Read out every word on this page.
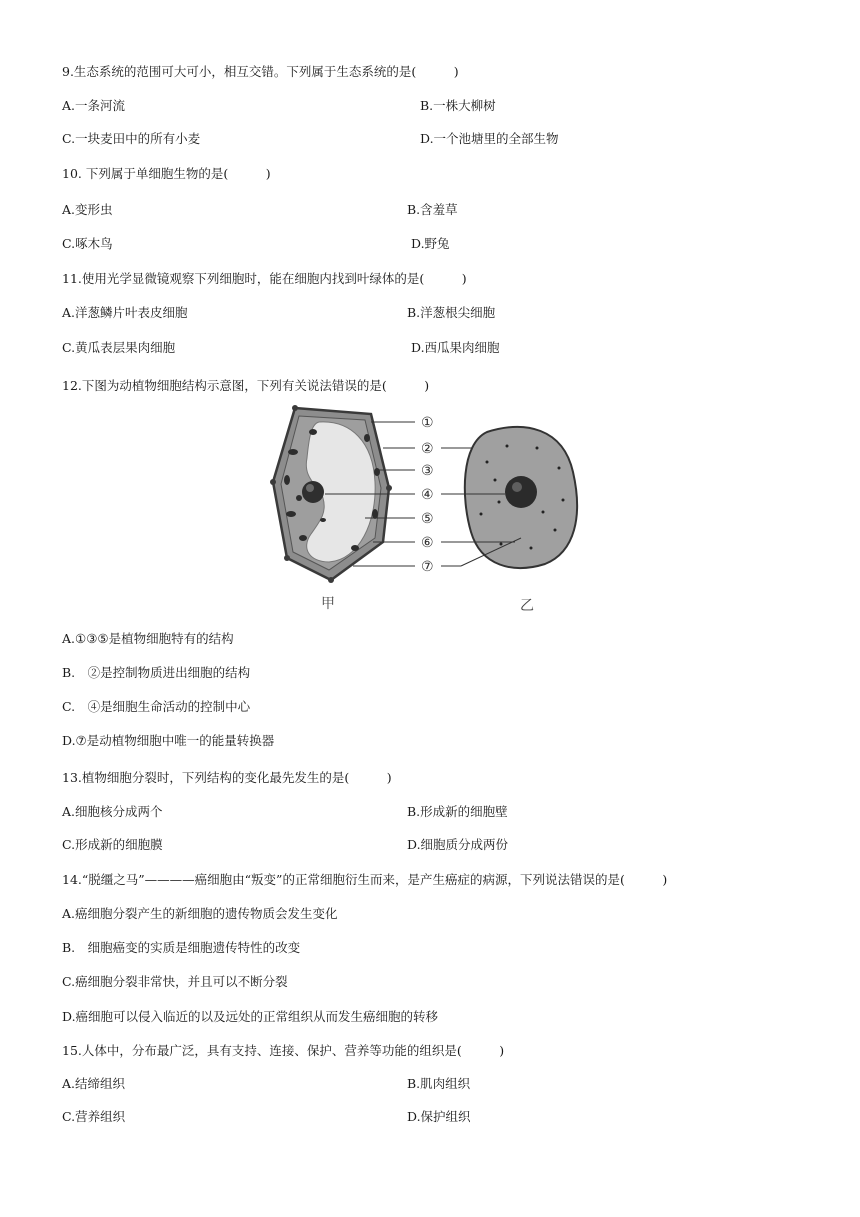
9.生态系统的范围可大可小，相互交错。下列属于生态系统的是(　　　)
A.一条河流	B.一株大柳树
C.一块麦田中的所有小麦	D.一个池塘里的全部生物
10. 下列属于单细胞生物的是(　　　)
A.变形虫	B.含羞草
C.啄木鸟	D.野兔
11.使用光学显微镜观察下列细胞时，能在细胞内找到叶绿体的是(　　　)
A.洋葱鳞片叶表皮细胞	B.洋葱根尖细胞
C.黄瓜表层果肉细胞	D.西瓜果肉细胞
12.下图为动植物细胞结构示意图，下列有关说法错误的是(　　　)
①
②
③
④
⑤
⑥
⑦
甲	乙
A.①③⑤是植物细胞特有的结构
B.　②是控制物质进出细胞的结构
C.　④是细胞生命活动的控制中心
D.⑦是动植物细胞中唯一的能量转换器
13.植物细胞分裂时，下列结构的变化最先发生的是(　　　)
A.细胞核分成两个	B.形成新的细胞壁
C.形成新的细胞膜	D.细胞质分成两份
14.“脱缰之马”————癌细胞由“叛变”的正常细胞衍生而来，是产生癌症的病源，下列说法错误的是(　　　)
A.癌细胞分裂产生的新细胞的遗传物质会发生变化
B.　细胞癌变的实质是细胞遗传特性的改变
C.癌细胞分裂非常快，并且可以不断分裂
D.癌细胞可以侵入临近的以及远处的正常组织从而发生癌细胞的转移
15.人体中，分布最广泛，具有支持、连接、保护、营养等功能的组织是(　　　)
A.结缔组织	B.肌肉组织
C.营养组织	D.保护组织
